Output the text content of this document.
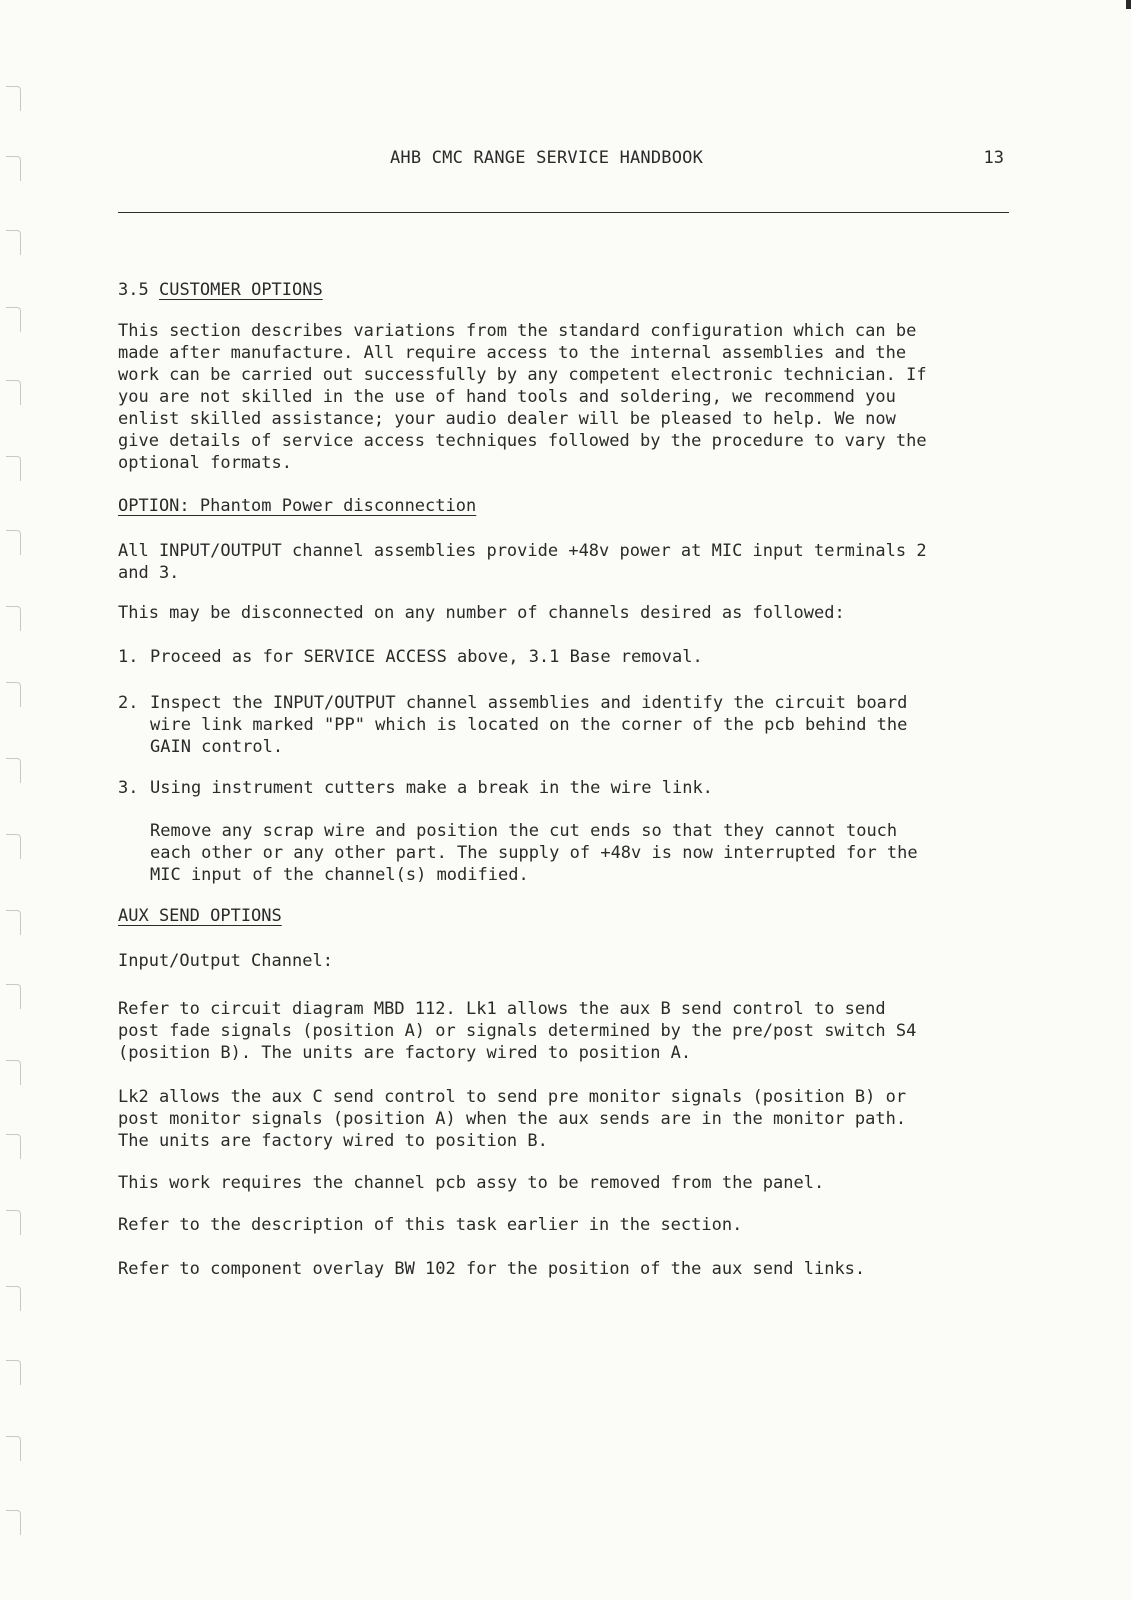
AHB CMC RANGE SERVICE HANDBOOK	13
3.5 CUSTOMER OPTIONS

This section describes variations from the standard configuration which can be
made after manufacture. All require access to the internal assemblies and the
work can be carried out successfully by any competent electronic technician. If
you are not skilled in the use of hand tools and soldering, we recommend you
enlist skilled assistance; your audio dealer will be pleased to help. We now
give details of service access techniques followed by the procedure to vary the
optional formats.

OPTION: Phantom Power disconnection

All INPUT/OUTPUT channel assemblies provide +48v power at MIC input terminals 2
and 3.

This may be disconnected on any number of channels desired as followed:

1. Proceed as for SERVICE ACCESS above, 3.1 Base removal.
2. Inspect the INPUT/OUTPUT channel assemblies and identify the circuit board
wire link marked "PP" which is located on the corner of the pcb behind the
GAIN control.
3. Using instrument cutters make a break in the wire link.

Remove any scrap wire and position the cut ends so that they cannot touch
each other or any other part. The supply of +48v is now interrupted for the
MIC input of the channel(s) modified.

AUX SEND OPTIONS

Input/Output Channel:

Refer to circuit diagram MBD 112. Lk1 allows the aux B send control to send
post fade signals (position A) or signals determined by the pre/post switch S4
(position B). The units are factory wired to position A.

Lk2 allows the aux C send control to send pre monitor signals (position B) or
post monitor signals (position A) when the aux sends are in the monitor path.
The units are factory wired to position B.

This work requires the channel pcb assy to be removed from the panel.

Refer to the description of this task earlier in the section.

Refer to component overlay BW 102 for the position of the aux send links.
